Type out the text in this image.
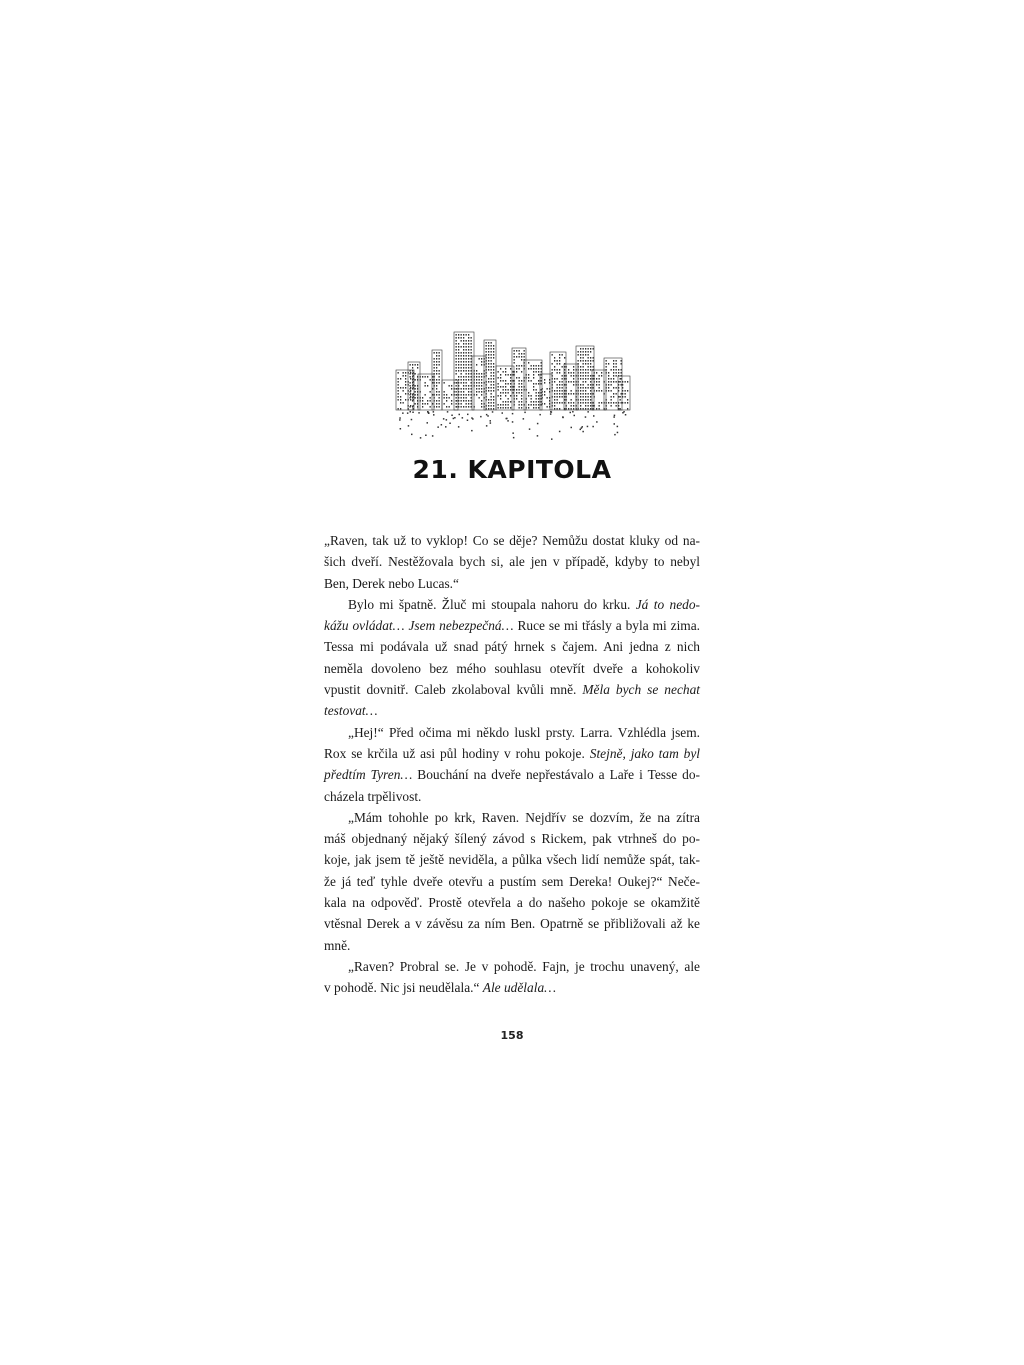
21. KAPITOLA
„Raven, tak už to vyklop! Co se děje? Nemůžu dostat kluky od na-
šich dveří. Nestěžovala bych si, ale jen v případě, kdyby to nebyl
Ben, Derek nebo Lucas.“
Bylo mi špatně. Žluč mi stoupala nahoru do krku. Já to nedo-
kážu ovládat… Jsem nebezpečná… Ruce se mi třásly a byla mi zima.
Tessa mi podávala už snad pátý hrnek s čajem. Ani jedna z nich
neměla dovoleno bez mého souhlasu otevřít dveře a kohokoliv
vpustit dovnitř. Caleb zkolaboval kvůli mně. Měla bych se nechat
testovat…
„Hej!“ Před očima mi někdo luskl prsty. Larra. Vzhlédla jsem.
Rox se krčila už asi půl hodiny v rohu pokoje. Stejně, jako tam byl
předtím Tyren… Bouchání na dveře nepřestávalo a Laře i Tesse do-
cházela trpělivost.
„Mám tohohle po krk, Raven. Nejdřív se dozvím, že na zítra
máš objednaný nějaký šílený závod s Rickem, pak vtrhneš do po-
koje, jak jsem tě ještě neviděla, a půlka všech lidí nemůže spát, tak-
že já teď tyhle dveře otevřu a pustím sem Dereka! Oukej?“ Neče-
kala na odpověď. Prostě otevřela a do našeho pokoje se okamžitě
vtěsnal Derek a v závěsu za ním Ben. Opatrně se přibližovali až ke
mně.
„Raven? Probral se. Je v pohodě. Fajn, je trochu unavený, ale
v pohodě. Nic jsi neudělala.“ Ale udělala…
158
